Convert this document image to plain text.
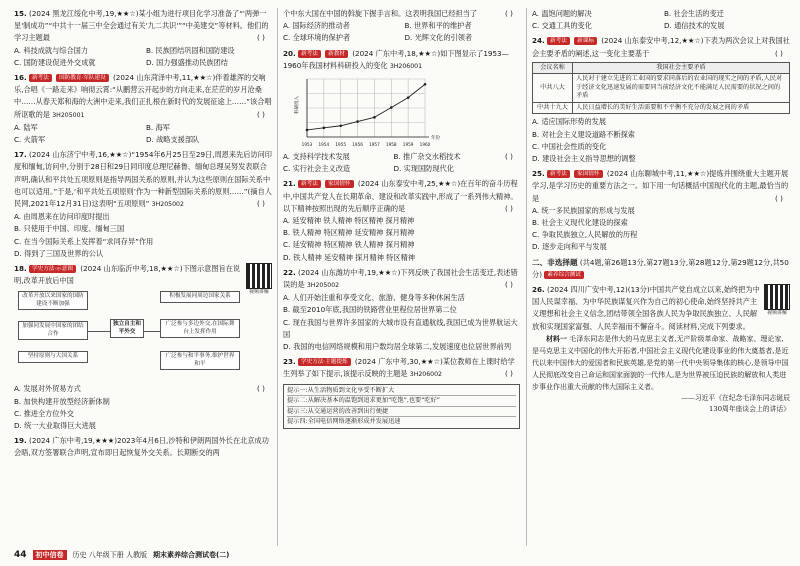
15. (2024 黑龙江绥化中考,19,★★☆)某小组为进行项目化学习准备了“'两弹一星'制成功”“中共十一届三中全会通过有关'九二共识'”“中美建交”等材料。他们的学习主题最	( )
A. 科技成就与综合国力	B. 民族团结巩固和国防建设
C. 国防建设促进外交成就	D. 国力强盛推动民族团结
16. 新考法 国防教育·军队建设 (2024 山东菏泽中考,11,★★☆)伴着雄浑的交响乐,合唱《一路走来》响彻云霄:“从鹏营云开起步的方向走来,在茫茫的岁月沧桑中……从春天郑和海的大洲中走来,我们正扎根在新时代的发展征途上……”该合唱所讴歌的是 3H205001	( )
A. 陆军	B. 海军
C. 火箭军	D. 战略支援部队
17. (2024 山东济宁中考,16,★★☆)“1954年6月25日至29日,周恩来先后访问印度和缅甸,访问中,分别于28日和29日同印度总理尼赫鲁、缅甸总理吴努发表联合声明,确认和平共处五项原则是指导两国关系的原则,并认为这些原则在国际关系中也可以适用。”于是,‘和平共处五项原则’作为一种新型国际关系的原则……”(摘自人民网,2021年12月31日)这表明“五项原则” 3H205002	( )
A. 由周恩来在访问印度时提出
B. 只使用于中国、印度、缅甸三国
C. 在当今国际关系上发挥着“求同存异”作用
D. 得到了三国及世界的公认
视频讲解
18. 学史方法·示意图 (2024 山东临沂中考,18,★★☆)下图示意图旨在说明,改革开放后中国
改革开放以来国家的国防建设不断加强
加强同发展中国家的团结合作
坚持原则与大国关系
独立自主和平外交
积极发展同周边国家关系
广泛参与多边外交,在国际舞台上发挥作用
广泛参与和平事务,维护世界和平
( )
A. 发展对外贸易方式
B. 加快构建开放型经济新体制
C. 推进全方位外交
D. 统一大业取得巨大进展
19. (2024 广东中考,19,★★★)2023年4月6日,沙特和伊朗两国外长在北京成功会晤,双方签署联合声明,宣布即日起恢复外交关系。长期断交的两
个中东大国在中国的斡旋下握手言和。这表明我国已经担当了	( )
A. 国际经济的推动者	B. 世界和平的维护者
C. 全球环境的保护者	D. 光辉文化的引领者
20. 新考法 新教材 (2024 广东中考,18,★★☆)如下图显示了1953—1960年我国材料科研投入的变化 3H206001
1953 1954 1955 1956 1957 1958 1959 1960
年份
科研投入
( )
A. 支持科学技术发展	B. 推广杂交水稻技术
C. 实行社会主义改造	D. 实现国防现代化
21. 新考法 家国情怀 (2024 山东泰安中考,25,★★☆)在百年的奋斗历程中,中国共产党人在长期革命、建设和改革实践中,形成了一系列伟大精神。以下精神按照出现的先后顺序正确的是	( )
A. 延安精神 铁人精神 特区精神 探月精神
B. 铁人精神 特区精神 延安精神 探月精神
C. 延安精神 特区精神 铁人精神 探月精神
D. 铁人精神 延安精神 探月精神 特区精神
22. (2024 山东潍坊中考,19,★★☆)下列反映了我国社会生活变迁,表述错误的是 3H205002	( )
A. 人们开始注重和享受文化、旅游、健身等多种休闲生活
B. 截至2010年底,我国的铁路营业里程位居世界第二位
C. 现在我国与世界许多国家的大城市设有直通航线,我国已成为世界航运大国
D. 我国的电信网络规模和用户数均居全球第二,发展速度也位居世界前列
23. 学史方法·主题提炼 (2024 广东中考,30,★★☆)某位教师在上课时给学生列举了如下提示,该提示反映的主题是 3H206002	( )
提示一:从生活物质到文化享受不断扩大
提示二:从解决基本的温饱到追求更加“吃饱”,也要“吃好”
提示三:从交通运营的改善到出行便捷
提示四:全国电信网络逐渐形成并发展迅速
A. 温饱问题的解决	B. 社会生活的变迁
C. 交通工具的变化	D. 通信技术的发展
24. 新考法 新课标 (2024 山东泰安中考,12,★★☆)下表为两次会议上对我国社会主要矛盾的阐述,这一变化主要基于	( )
会议名称	我国社会主要矛盾
中共八大	人民对于建立先进的工业国的要求同落后的农业国的现实之间的矛盾,人民对于经济文化迅速发展的需要同当前经济文化不能满足人民需要的状况之间的矛盾
中共十九大	人民日益增长的美好生活需要和不平衡不充分的发展之间的矛盾
A. 适应国际形势的发展
B. 对社会主义建设道路不断探索
C. 中国社会性质的变化
D. 建设社会主义指导思想的调整
25. 新考法 家国情怀 (2024 山东聊城中考,11,★★☆)提炼并围绕重大主题开展学习,是学习历史的重要方法之一。如下用一句话概括中国现代化的主题,最恰当的是	( )
A. 统一多民族国家的形成与发展
B. 社会主义现代化建设的探索
C. 争取民族独立,人民解放的历程
D. 逐步走向和平与发展
二、非选择题 (共4题,第26题13分,第27题13分,第28题12分,第29题12分,共50分) 素养综合测试
视频讲解
26. (2024 四川广安中考,12)(13分)中国共产党自成立以来,始终把为中国人民谋幸福、为中华民族谋复兴作为自己的初心使命,始终坚持共产主义理想和社会主义信念,团结带领全国各族人民为争取民族独立、人民解放和实现国家富强、人民幸福而不懈奋斗。阅读材料,完成下列要求。

材料一 毛泽东同志是伟大的马克思主义者,无产阶级革命家、战略家、理论家,是马克思主义中国化的伟大开拓者,中国社会主义现代化建设事业的伟大奠基者,是近代以来中国伟大的爱国者和民族英雄,是党的第一代中央领导集体的核心,是领导中国人民彻底改变自己命运和国家面貌的一代伟人,是为世界被压迫民族的解放和人类进步事业作出重大贡献的伟大国际主义者。

——习近平《在纪念毛泽东同志诞辰
130周年座谈会上的讲话》
44	初中信卷	历史 八年级下册 人教版 期末素养综合测试卷(二)
